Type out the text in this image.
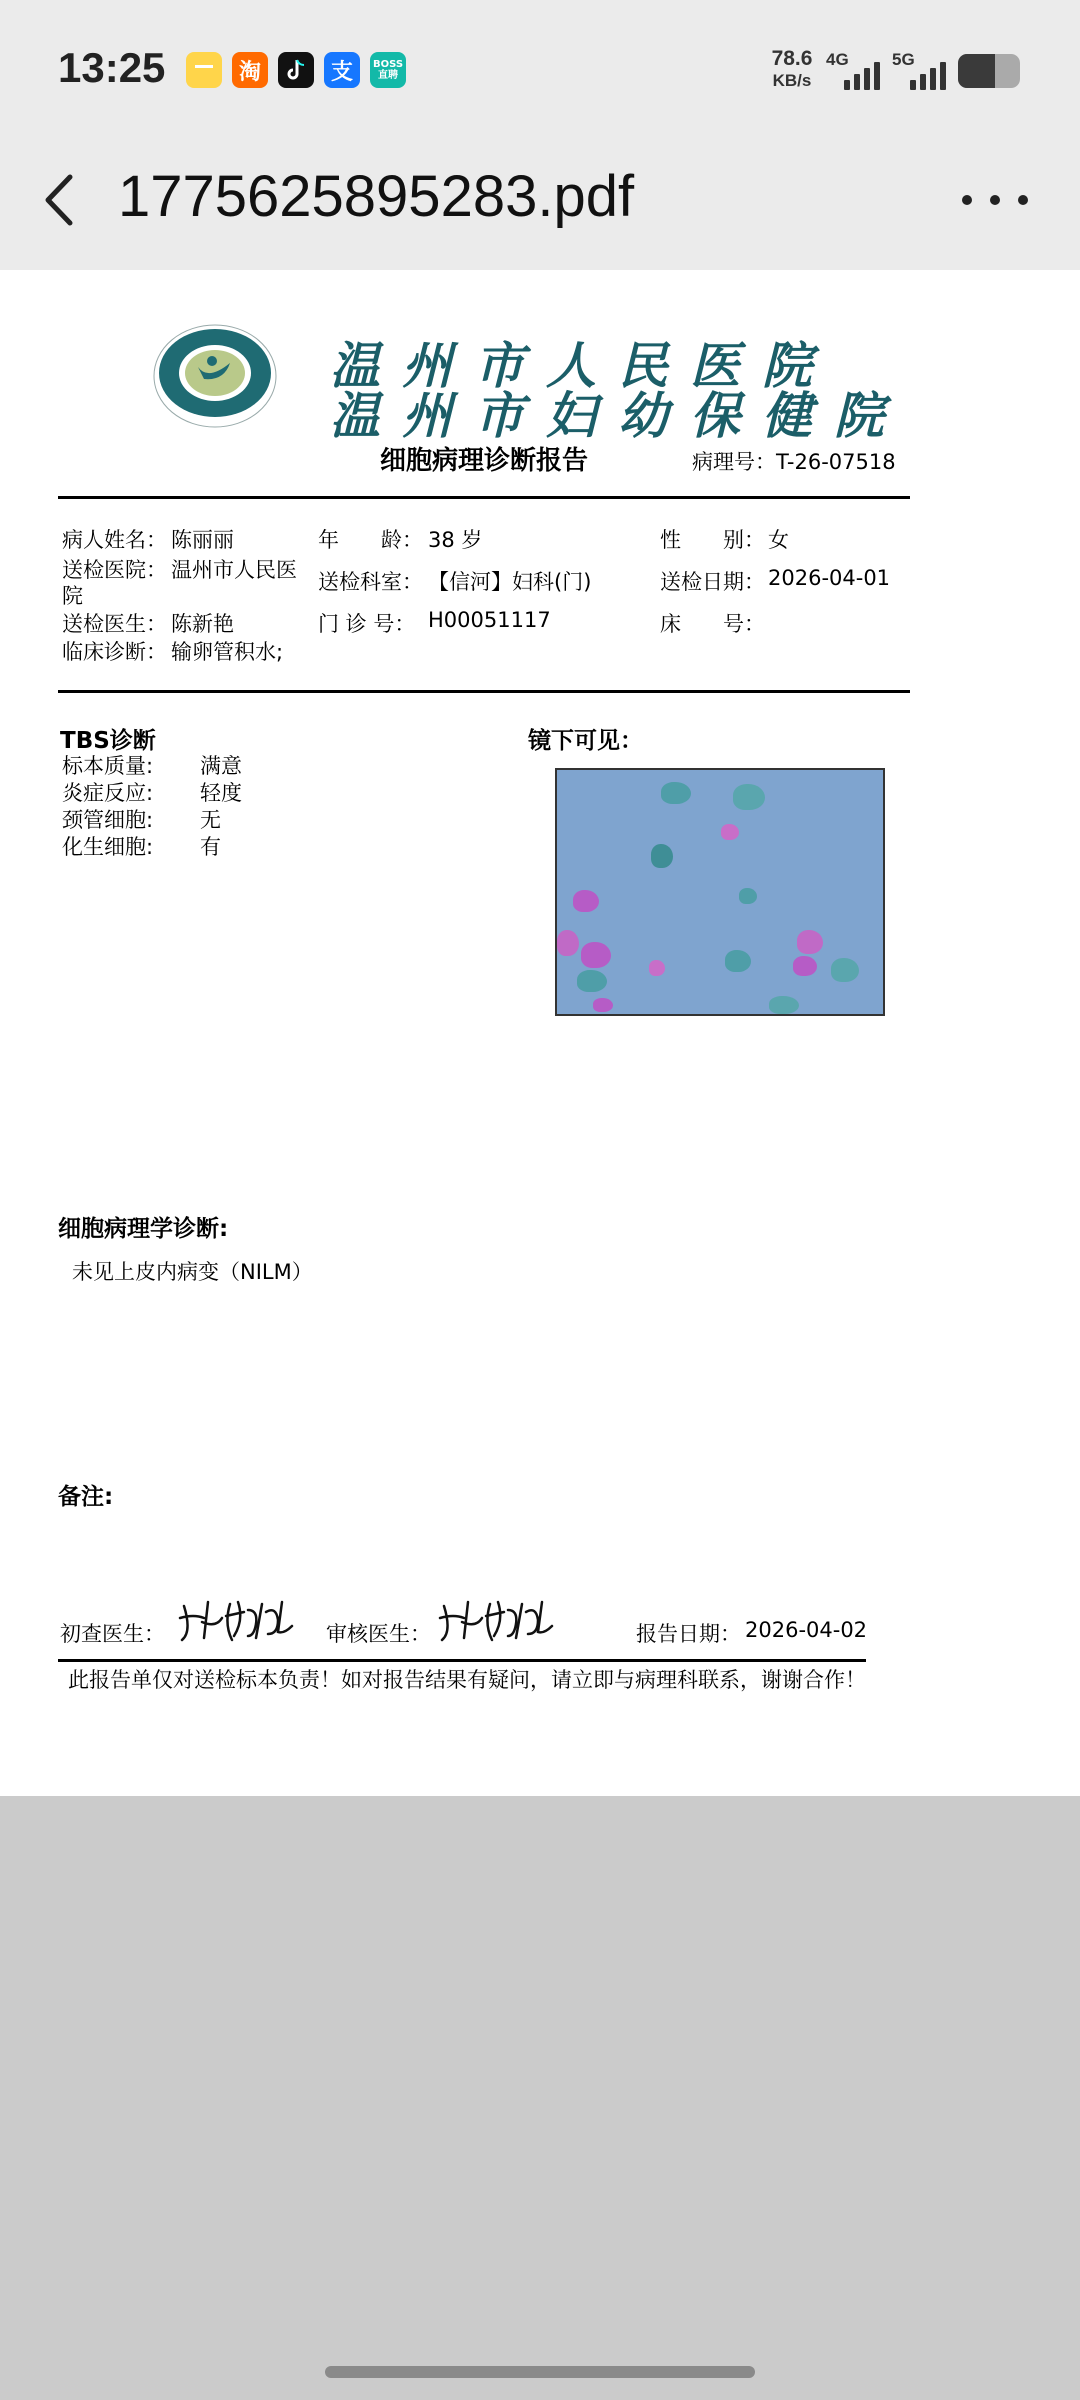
13:25	淘	支 BOSS
直聘
78.6
KB/s
4G	5G
1775625895283.pdf
温州市人民医院
温州市妇幼保健院
细胞病理诊断报告	病理号：T-26-07518
病人姓名： 陈丽丽	年　　龄： 38 岁	性　　别： 女
送检医院： 温州市人民医
院
送检科室： 【信河】妇科(门)	送检日期： 2026-04-01
送检医生： 陈新艳	门 诊 号： H00051117	床　　号：
临床诊断： 输卵管积水;
TBS诊断
标本质量: 满意
炎症反应: 轻度
颈管细胞: 无
化生细胞: 有
镜下可见：
细胞病理学诊断:
未见上皮内病变（NILM）
备注:
初查医生：	审核医生：	报告日期： 2026-04-02
此报告单仅对送检标本负责！如对报告结果有疑问，请立即与病理科联系，谢谢合作！
